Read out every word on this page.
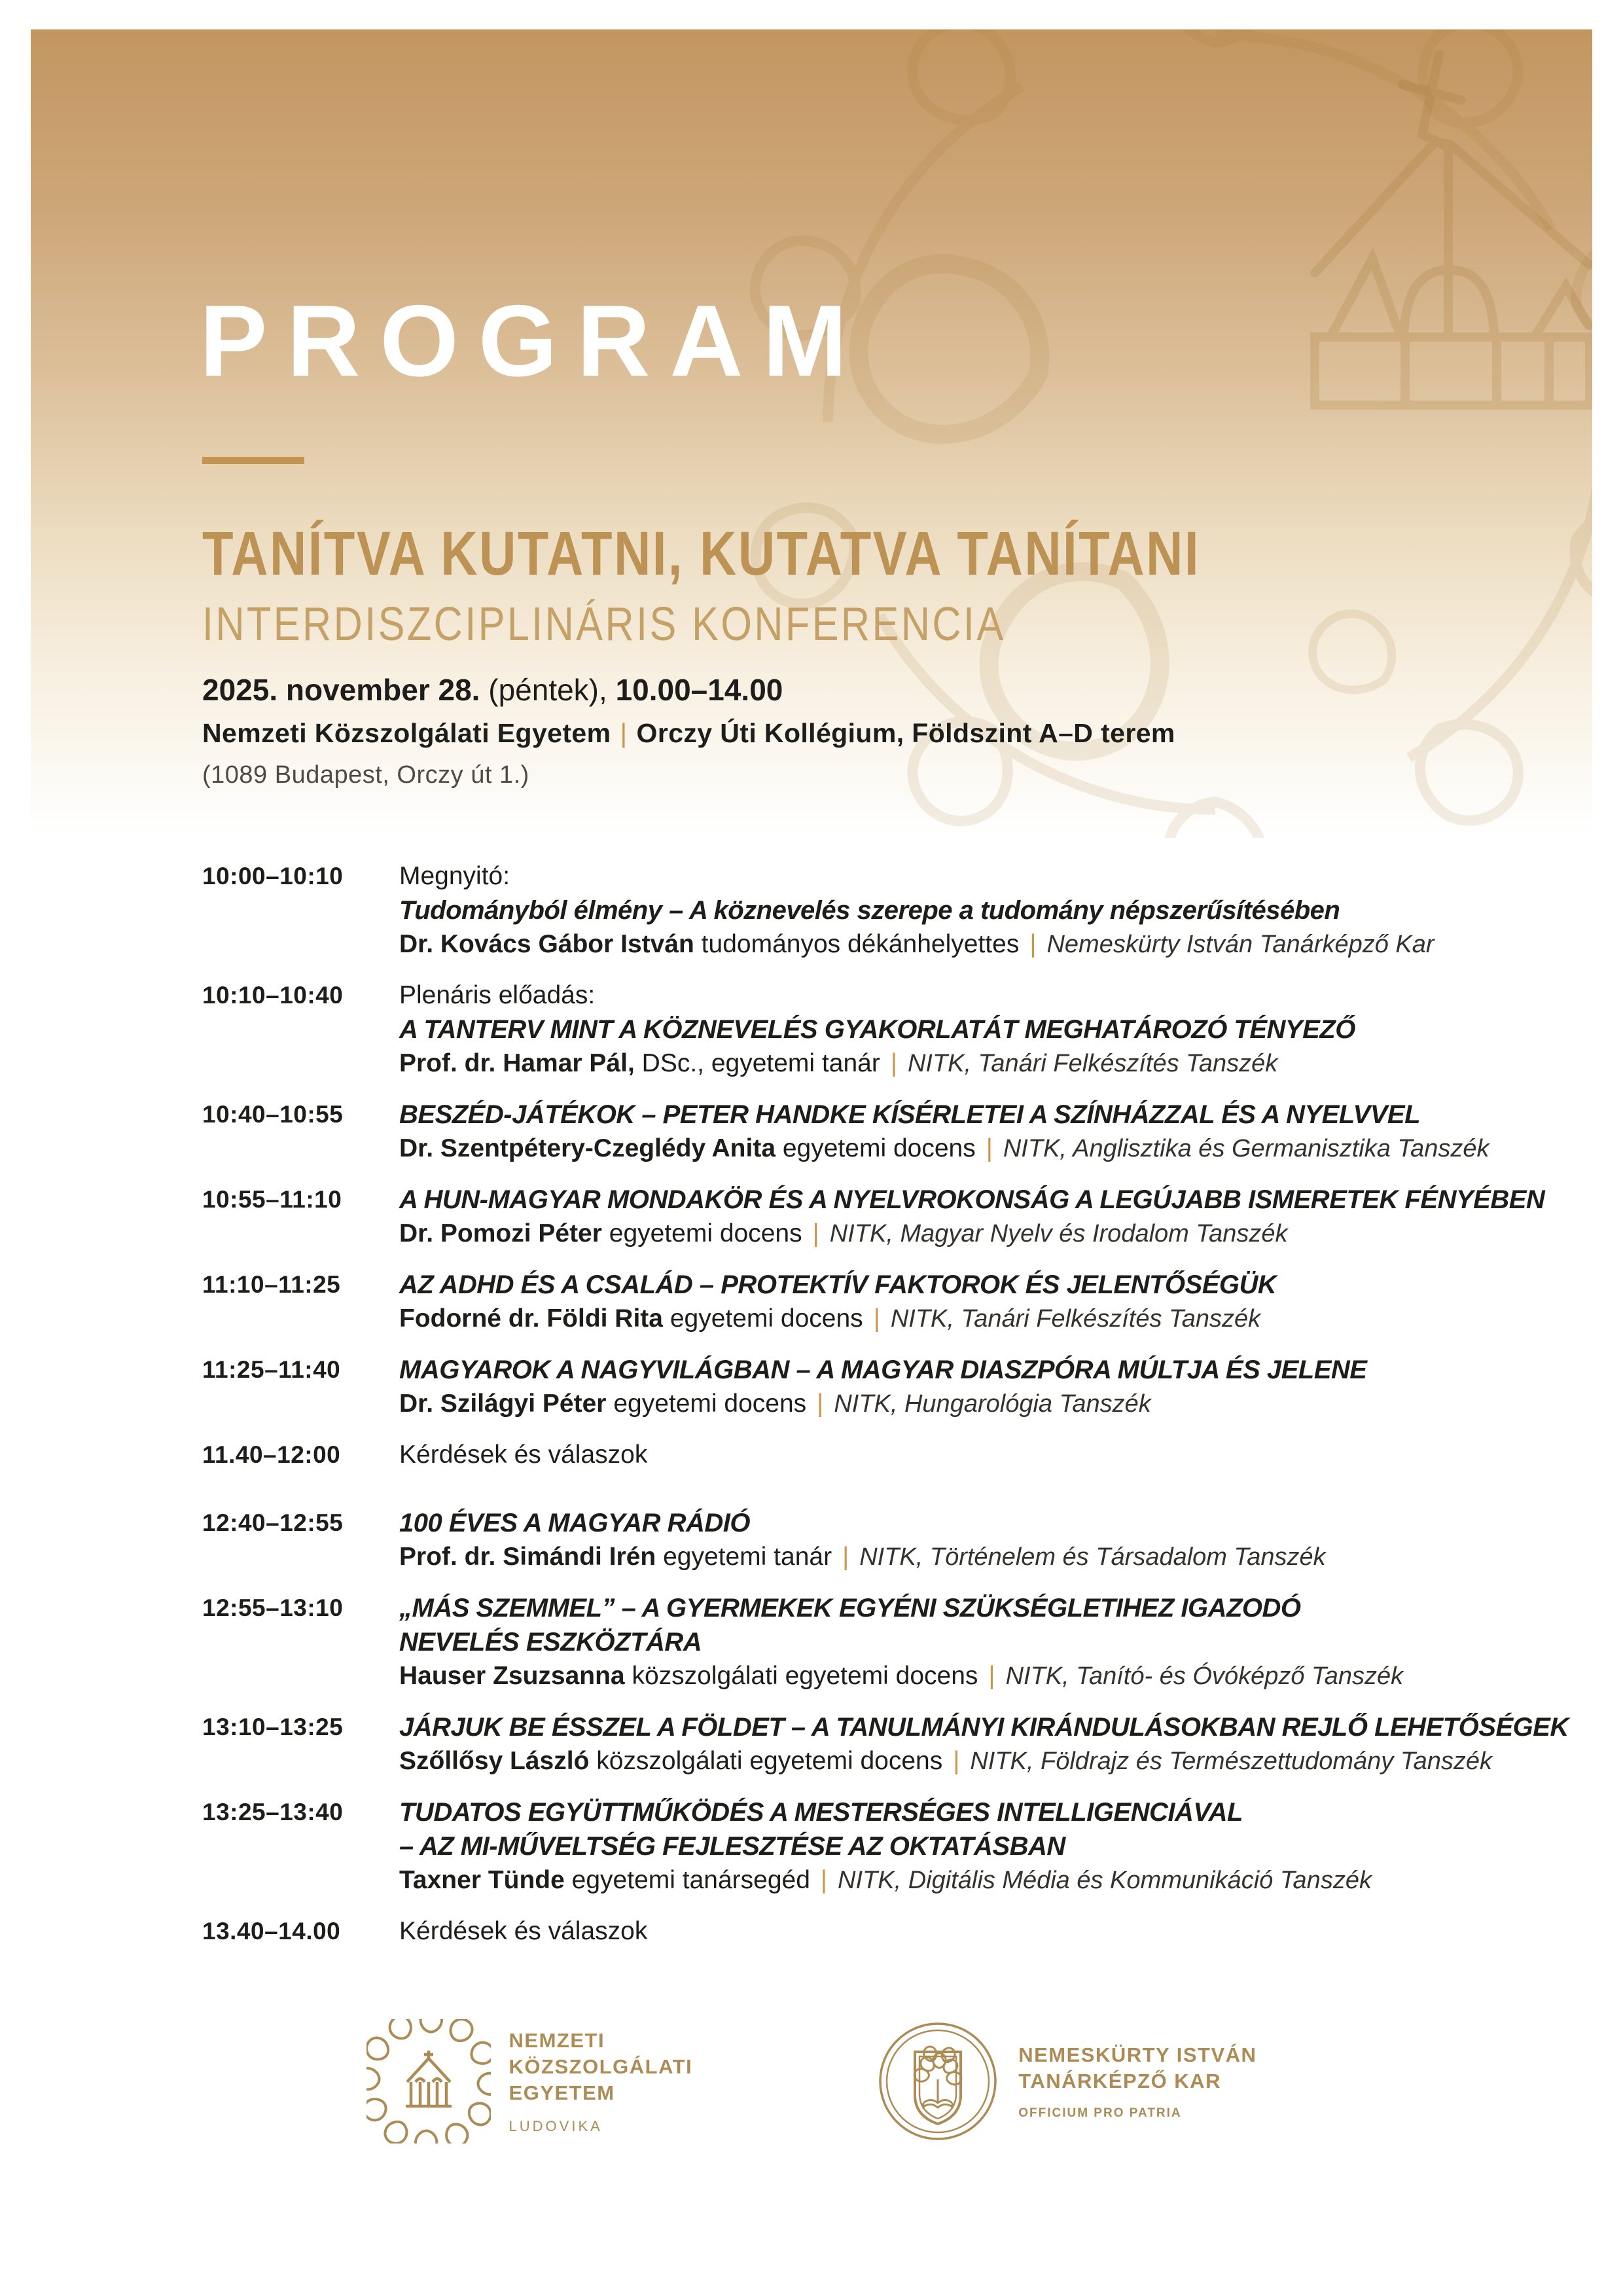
PROGRAM
TANÍTVA KUTATNI, KUTATVA TANÍTANI
INTERDISZCIPLINÁRIS KONFERENCIA

2025. november 28. (péntek), 10.00–14.00

Nemzeti Közszolgálati Egyetem | Orczy Úti Kollégium, Földszint A–D terem

(1089 Budapest, Orczy út 1.)

10:00–10:10	Megnyitó:
Tudományból élmény – A köznevelés szerepe a tudomány népszerűsítésében
Dr. Kovács Gábor István tudományos dékánhelyettes | Nemeskürty István Tanárképző Kar
10:10–10:40	Plenáris előadás:
A TANTERV MINT A KÖZNEVELÉS GYAKORLATÁT MEGHATÁROZÓ TÉNYEZŐ
Prof. dr. Hamar Pál, DSc., egyetemi tanár | NITK, Tanári Felkészítés Tanszék
10:40–10:55	BESZÉD-JÁTÉKOK – PETER HANDKE KÍSÉRLETEI A SZÍNHÁZZAL ÉS A NYELVVEL
Dr. Szentpétery-Czeglédy Anita egyetemi docens | NITK, Anglisztika és Germanisztika Tanszék
10:55–11:10	A HUN-MAGYAR MONDAKÖR ÉS A NYELVROKONSÁG A LEGÚJABB ISMERETEK FÉNYÉBEN
Dr. Pomozi Péter egyetemi docens | NITK, Magyar Nyelv és Irodalom Tanszék
11:10–11:25	AZ ADHD ÉS A CSALÁD – PROTEKTÍV FAKTOROK ÉS JELENTŐSÉGÜK
Fodorné dr. Földi Rita egyetemi docens | NITK, Tanári Felkészítés Tanszék
11:25–11:40	MAGYAROK A NAGYVILÁGBAN – A MAGYAR DIASZPÓRA MÚLTJA ÉS JELENE
Dr. Szilágyi Péter egyetemi docens | NITK, Hungarológia Tanszék
11.40–12:00	Kérdések és válaszok
12:40–12:55	100 ÉVES A MAGYAR RÁDIÓ
Prof. dr. Simándi Irén egyetemi tanár | NITK, Történelem és Társadalom Tanszék
12:55–13:10	„MÁS SZEMMEL” – A GYERMEKEK EGYÉNI SZÜKSÉGLETIHEZ IGAZODÓ
NEVELÉS ESZKÖZTÁRA
Hauser Zsuzsanna közszolgálati egyetemi docens | NITK, Tanító- és Óvóképző Tanszék
13:10–13:25	JÁRJUK BE ÉSSZEL A FÖLDET – A TANULMÁNYI KIRÁNDULÁSOKBAN REJLŐ LEHETŐSÉGEK
Szőllősy László közszolgálati egyetemi docens | NITK, Földrajz és Természettudomány Tanszék
13:25–13:40	TUDATOS EGYÜTTMŰKÖDÉS A MESTERSÉGES INTELLIGENCIÁVAL
– AZ MI-MŰVELTSÉG FEJLESZTÉSE AZ OKTATÁSBAN
Taxner Tünde egyetemi tanársegéd | NITK, Digitális Média és Kommunikáció Tanszék
13.40–14.00	Kérdések és válaszok
NEMZETI
KÖZSZOLGÁLATI
EGYETEM
LUDOVIKA
NEMESKÜRTY ISTVÁN
TANÁRKÉPZŐ KAR
OFFICIUM PRO PATRIA
